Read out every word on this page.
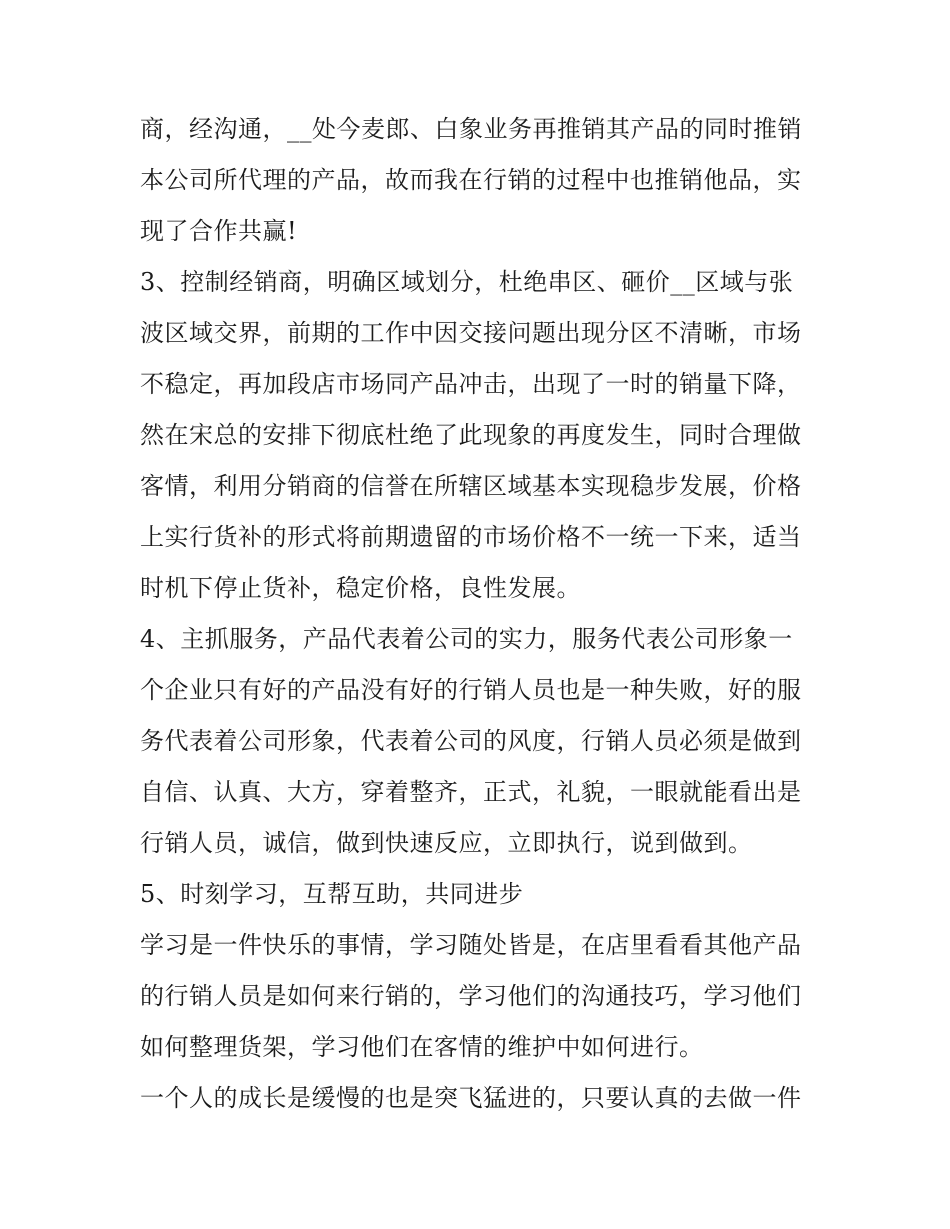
商，经沟通，__处今麦郎、白象业务再推销其产品的同时推销
本公司所代理的产品，故而我在行销的过程中也推销他品，实
现了合作共赢!
3、控制经销商，明确区域划分，杜绝串区、砸价__区域与张
波区域交界，前期的工作中因交接问题出现分区不清晰，市场
不稳定，再加段店市场同产品冲击，出现了一时的销量下降，
然在宋总的安排下彻底杜绝了此现象的再度发生，同时合理做
客情，利用分销商的信誉在所辖区域基本实现稳步发展，价格
上实行货补的形式将前期遗留的市场价格不一统一下来，适当
时机下停止货补，稳定价格，良性发展。
4、主抓服务，产品代表着公司的实力，服务代表公司形象一
个企业只有好的产品没有好的行销人员也是一种失败，好的服
务代表着公司形象，代表着公司的风度，行销人员必须是做到
自信、认真、大方，穿着整齐，正式，礼貌，一眼就能看出是
行销人员，诚信，做到快速反应，立即执行，说到做到。
5、时刻学习，互帮互助，共同进步
学习是一件快乐的事情，学习随处皆是，在店里看看其他产品
的行销人员是如何来行销的，学习他们的沟通技巧，学习他们
如何整理货架，学习他们在客情的维护中如何进行。
一个人的成长是缓慢的也是突飞猛进的，只要认真的去做一件
